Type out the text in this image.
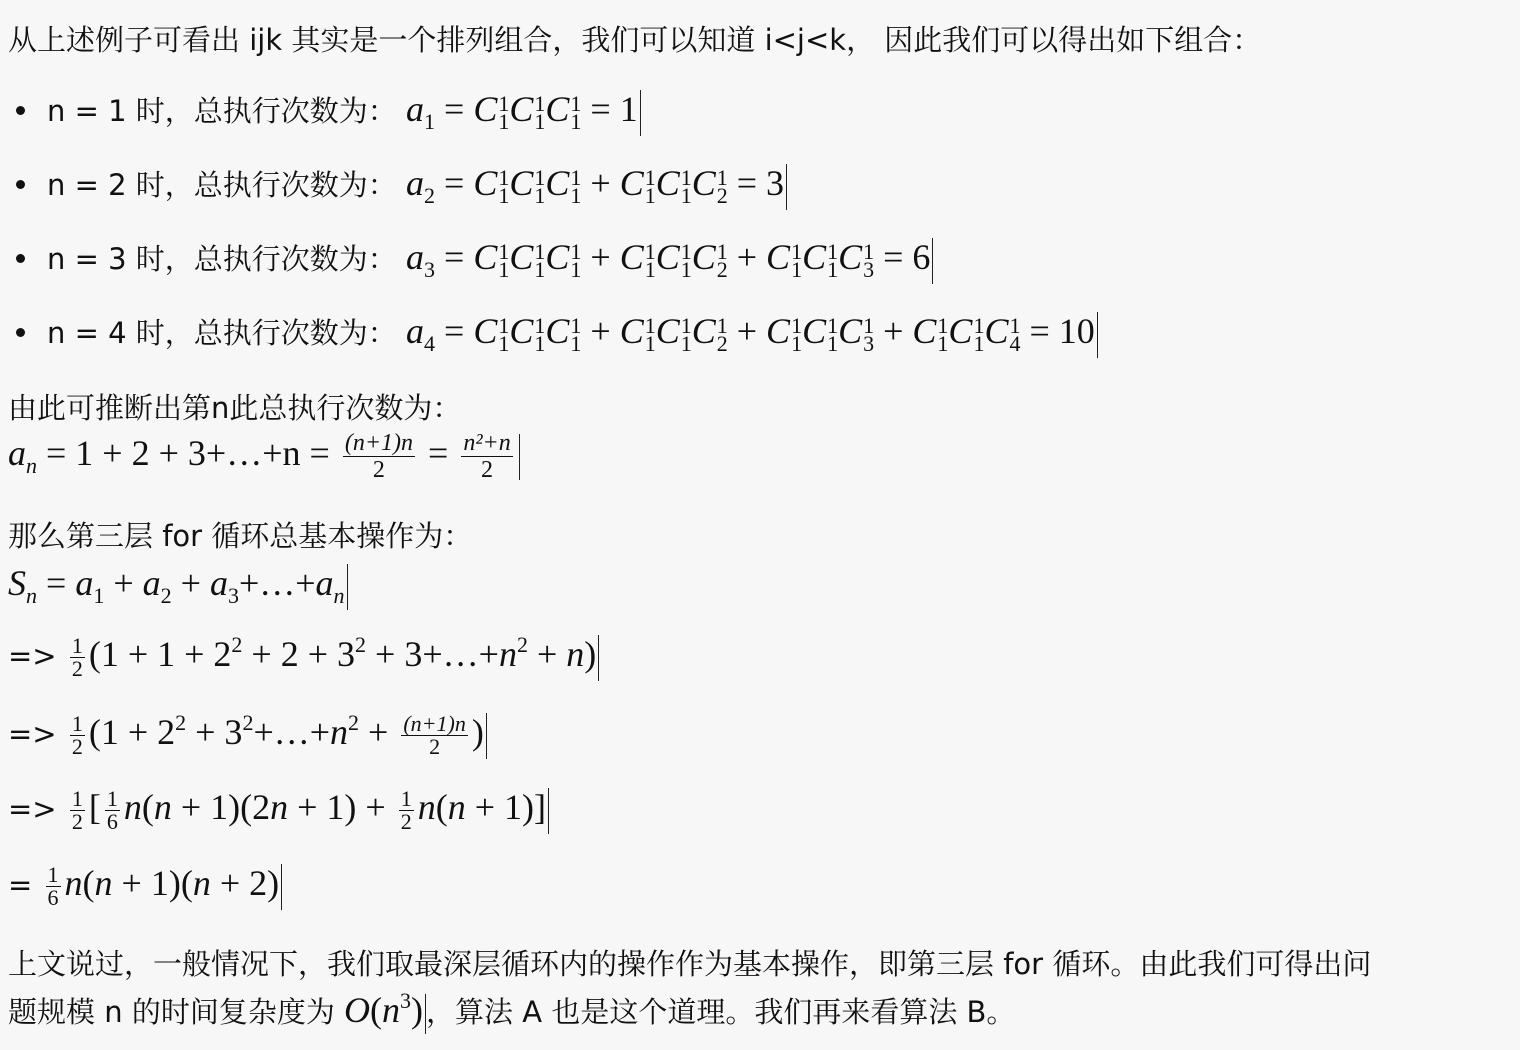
从上述例子可看出 ijk 其实是一个排列组合，我们可以知道 i<j<k， 因此我们可以得出如下组合：
n = 1 时，总执行次数为： $a_1 = C$ 1
1 C 1
1 C 1
1 = 1
n = 2 时，总执行次数为： $a_2 = C$ 1
1 C 1
1 C 1
1 + C 1
1 C 1
1 C 1
2 = 3
n = 3 时，总执行次数为： $a_3 = C$ 1
1 C 1
1 C 1
1 + C 1
1 C 1
1 C 1
2 + C 1
1 C 1
1 C 1
3 = 6
n = 4 时，总执行次数为： $a_4 = C$ 1
1 C 1
1 C 1
1 + C 1
1 C 1
1 C 1
2 + C 1
1 C 1
1 C 1
3 + C 1
1 C 1
1 C 1
4 = 10
由此可推断出第n此总执行次数为：
$a_n = 1 + 2$ + 3+…+n = $\frac{(n+1)n}{2} = \frac{\text{n²+n}}{2}$
那么第三层 for 循环总基本操作为：
$S_n = a_1 + a_2$ + $a_3+\dots+a_n$
=> $\frac{1}{2} (1 + 1 + 2^2 + 2 + 3^2$ + $3+\dots+n^2 + n$)
=> $\frac{1}{2} (1 + 2^2$ + $3^2+\dots+n^2 + \frac{(n+1)n}{2}$ )
=> $\frac{1}{2}$ [ $\frac{1}{6} n(n + 1)(2n + 1) + \frac{1}{2} n(n + 1)$]
= $\frac{1}{6} n(n + 1)(n + 2)$
上文说过，一般情况下，我们取最深层循环内的操作作为基本操作，即第三层 for 循环。由此我们可得出问
题规模 n 的时间复杂度为 $O(n^3)$ ，算法 A 也是这个道理。我们再来看算法 B。
